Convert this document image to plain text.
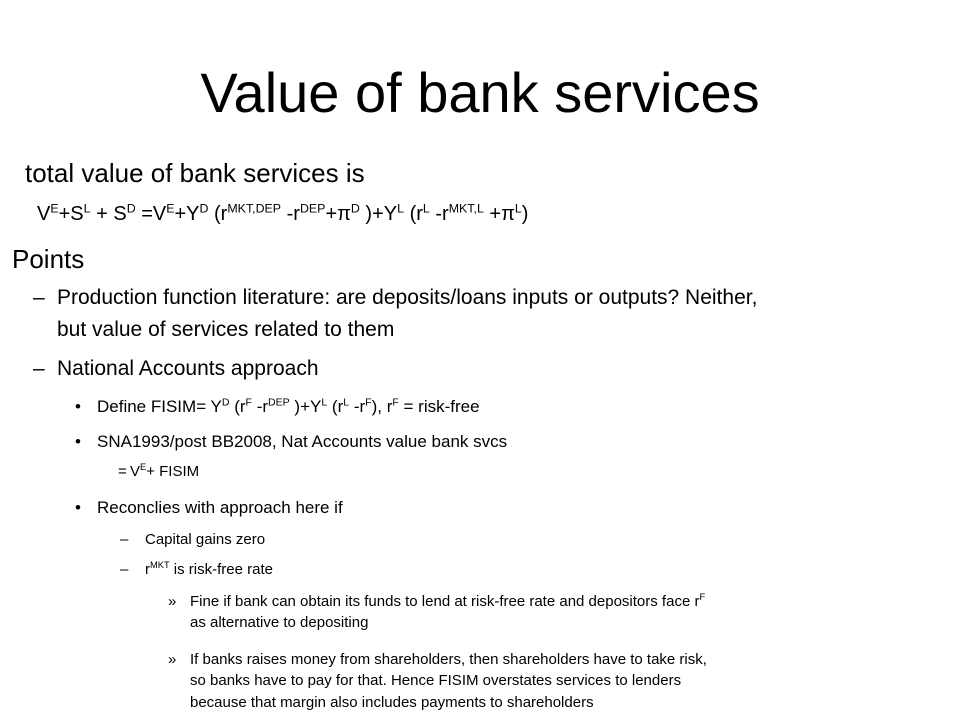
Value of bank services
total value of bank services is
$V^E+S^L + S^D =V^E+Y^D$ ($r^{MKT,DEP}$ $-r^{DEP}+\pi^D$ )$+Y^L$ ($r^L$ $-r^{MKT,L} +\pi^L$)
Points
– Production function literature: are deposits/loans inputs or outputs? Neither,
but value of services related to them
– National Accounts approach
• Define FISIM= $Y^D$ ($r^F$ $-r^{DEP}$ )$+Y^L$ ($r^L$ $-r^F$), $r^F$ = risk-free
• SNA1993/post BB2008, Nat Accounts value bank svcs
= $V^E+$ FISIM
• Reconclies with approach here if
– Capital gains zero
– $r^{MKT}$ is risk-free rate
» Fine if bank can obtain its funds to lend at risk-free rate and depositors face $r^F$
as alternative to depositing
» If banks raises money from shareholders, then shareholders have to take risk,
so banks have to pay for that. Hence FISIM overstates services to lenders
because that margin also includes payments to shareholders
